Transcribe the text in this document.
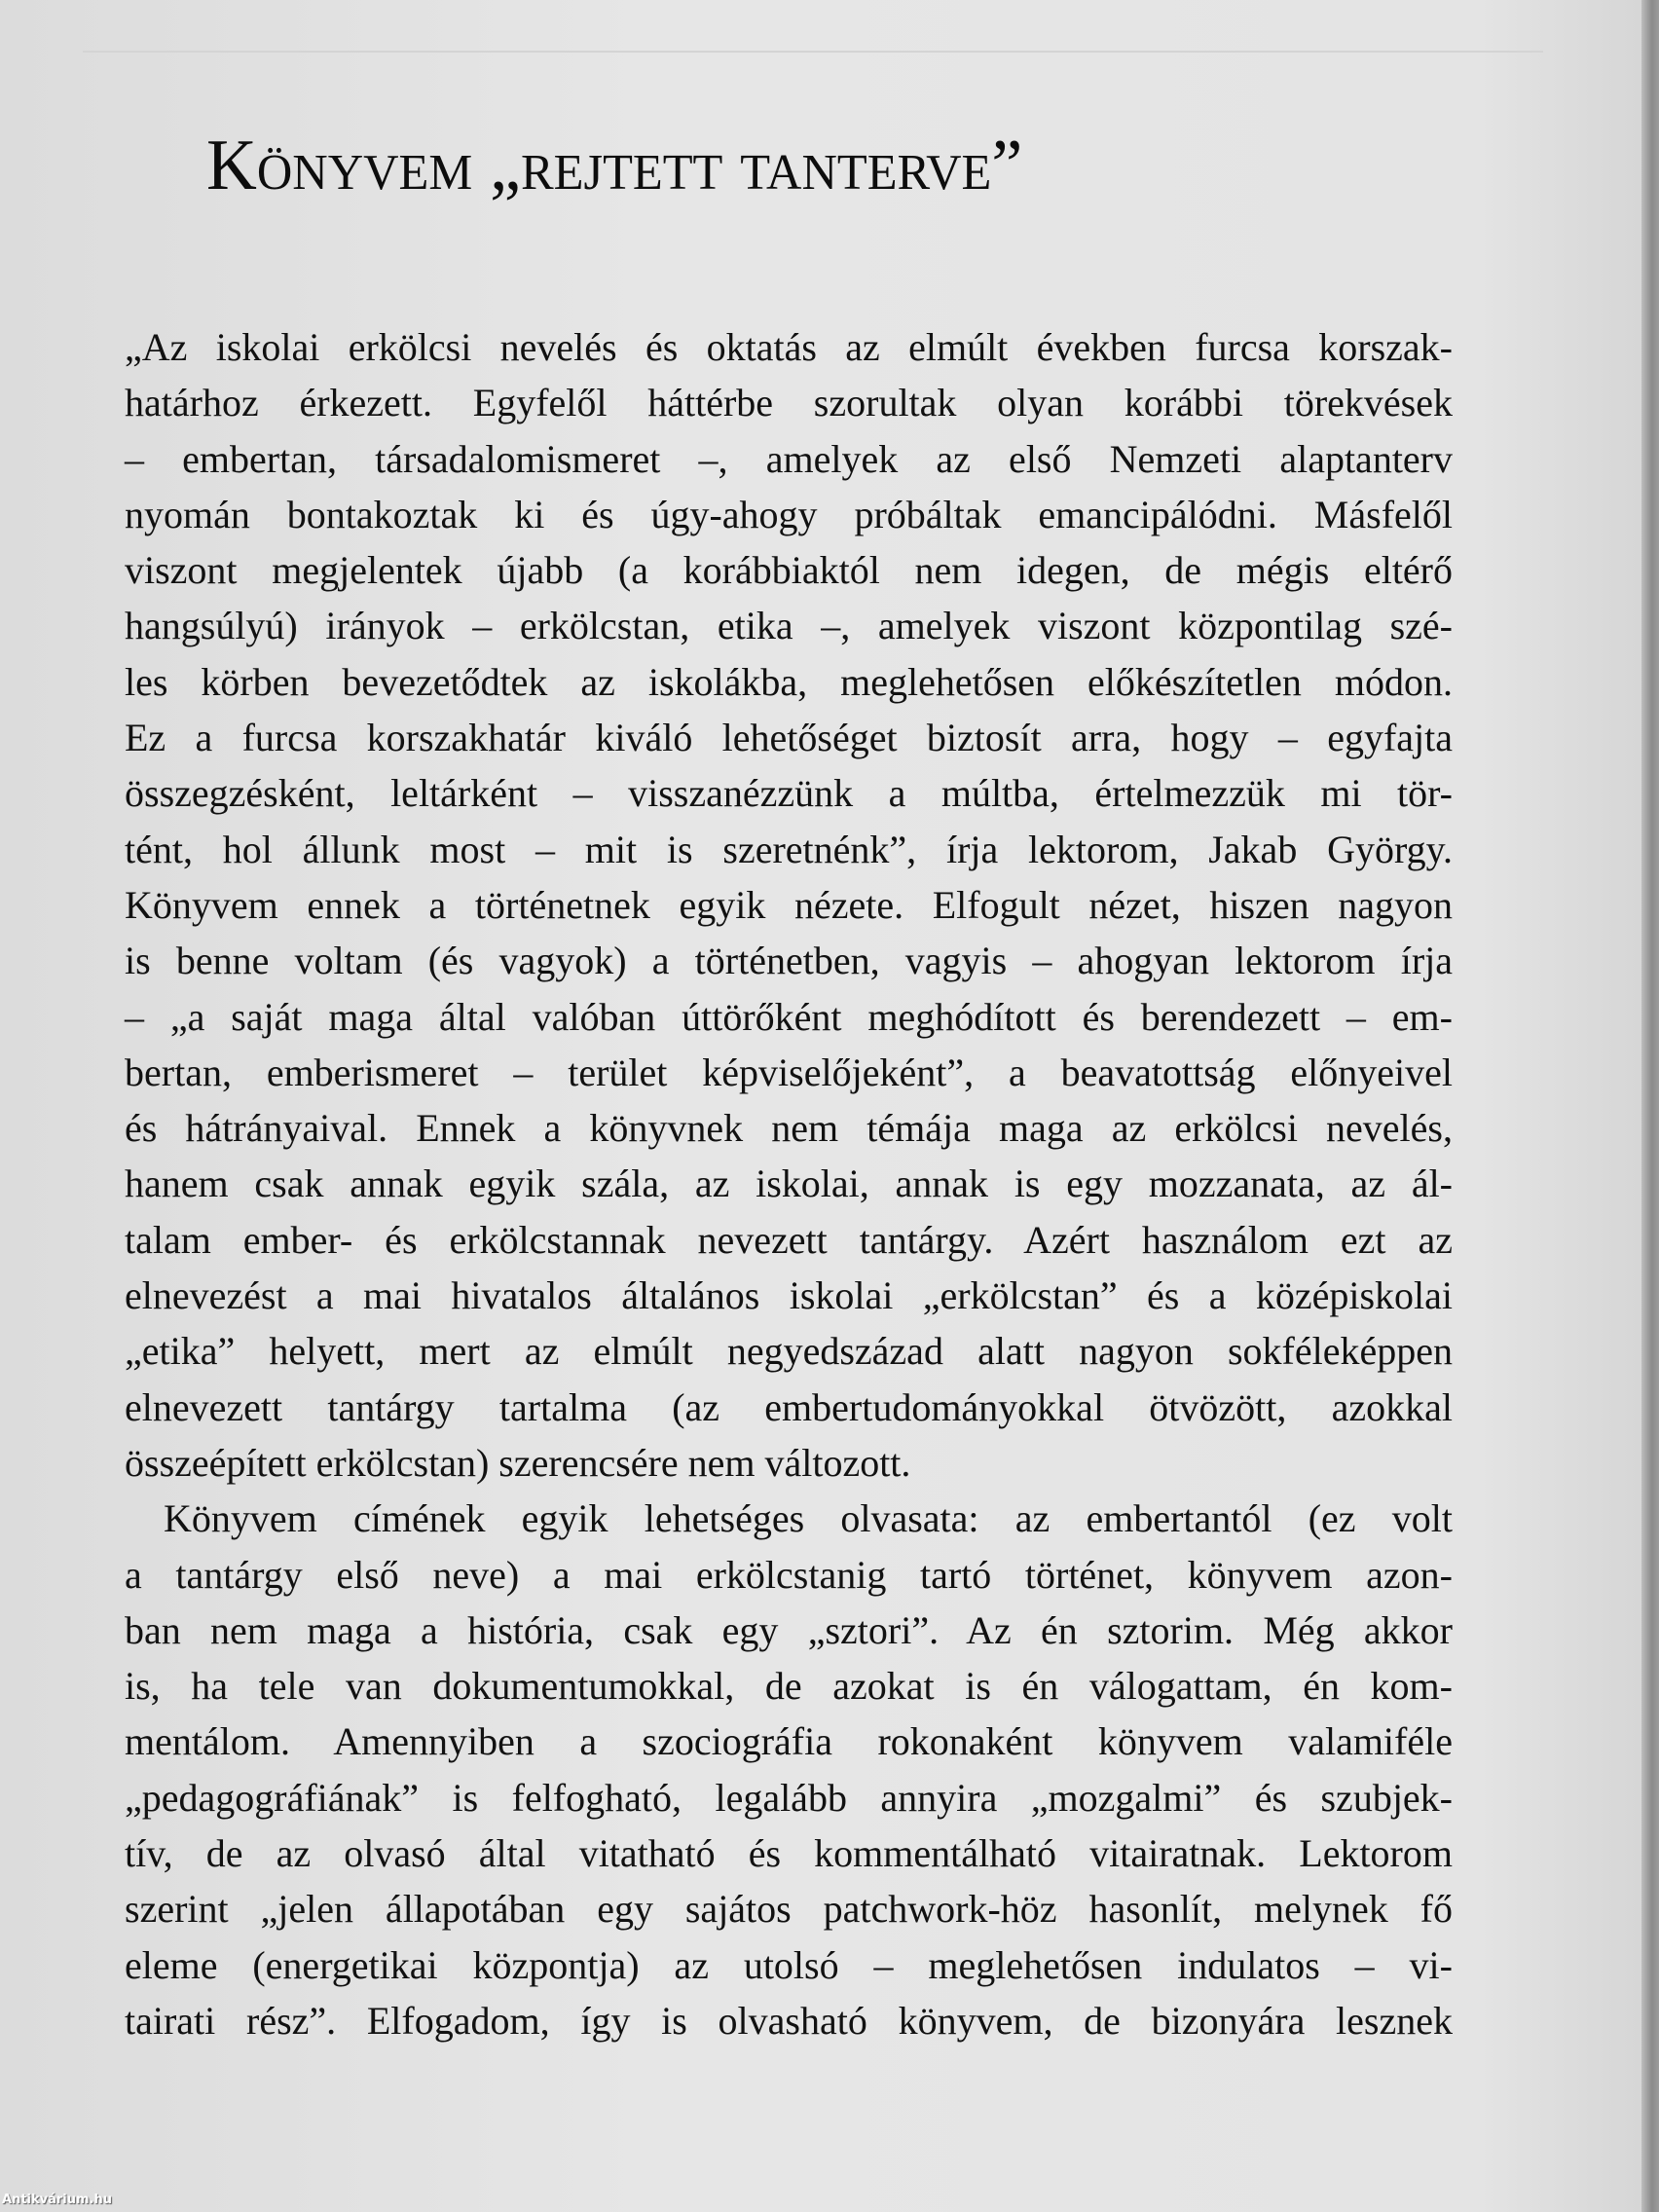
Könyvem „rejtett tanterve”
„Az iskolai erkölcsi nevelés és oktatás az elmúlt években furcsa korszak-
határhoz érkezett. Egyfelől háttérbe szorultak olyan korábbi törekvések
– embertan, társadalomismeret –, amelyek az első Nemzeti alaptanterv
nyomán bontakoztak ki és úgy-ahogy próbáltak emancipálódni. Másfelől
viszont megjelentek újabb (a korábbiaktól nem idegen, de mégis eltérő
hangsúlyú) irányok – erkölcstan, etika –, amelyek viszont központilag szé-
les körben bevezetődtek az iskolákba, meglehetősen előkészítetlen módon.
Ez a furcsa korszakhatár kiváló lehetőséget biztosít arra, hogy – egyfajta
összegzésként, leltárként – visszanézzünk a múltba, értelmezzük mi tör-
tént, hol állunk most – mit is szeretnénk”, írja lektorom, Jakab György.
Könyvem ennek a történetnek egyik nézete. Elfogult nézet, hiszen nagyon
is benne voltam (és vagyok) a történetben, vagyis – ahogyan lektorom írja
– „a saját maga által valóban úttörőként meghódított és berendezett – em-
bertan, emberismeret – terület képviselőjeként”, a beavatottság előnyeivel
és hátrányaival. Ennek a könyvnek nem témája maga az erkölcsi nevelés,
hanem csak annak egyik szála, az iskolai, annak is egy mozzanata, az ál-
talam ember- és erkölcstannak nevezett tantárgy. Azért használom ezt az
elnevezést a mai hivatalos általános iskolai „erkölcstan” és a középiskolai
„etika” helyett, mert az elmúlt negyedszázad alatt nagyon sokféleképpen
elnevezett tantárgy tartalma (az embertudományokkal ötvözött, azokkal
összeépített erkölcstan) szerencsére nem változott.
Könyvem címének egyik lehetséges olvasata: az embertantól (ez volt
a tantárgy első neve) a mai erkölcstanig tartó történet, könyvem azon-
ban nem maga a história, csak egy „sztori”. Az én sztorim. Még akkor
is, ha tele van dokumentumokkal, de azokat is én válogattam, én kom-
mentálom. Amennyiben a szociográfia rokonaként könyvem valamiféle
„pedagográfiának” is felfogható, legalább annyira „mozgalmi” és szubjek-
tív, de az olvasó által vitatható és kommentálható vitairatnak. Lektorom
szerint „jelen állapotában egy sajátos patchwork-höz hasonlít, melynek fő
eleme (energetikai központja) az utolsó – meglehetősen indulatos – vi-
tairati rész”. Elfogadom, így is olvasható könyvem, de bizonyára lesznek
Antikvárium.hu
